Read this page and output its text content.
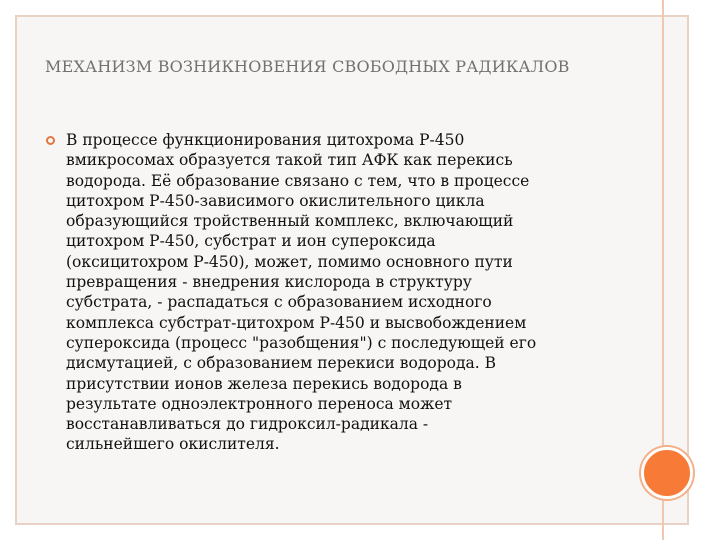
МЕХАНИЗМ ВОЗНИКНОВЕНИЯ СВОБОДНЫХ РАДИКАЛОВ
В процессе функционирования цитохрома Р-450
вмикросомах образуется такой тип АФК как перекись
водорода. Её образование связано с тем, что в процессе
цитохром Р-450-зависимого окислительного цикла
образующийся тройственный комплекс, включающий
цитохром Р-450, субстрат и ион супероксида
(оксицитохром Р-450), может, помимо основного пути
превращения - внедрения кислорода в структуру
субстрата, - распадаться с образованием исходного
комплекса субстрат-цитохром Р-450 и высвобождением
супероксида (процесс "разобщения") с последующей его
дисмутацией, с образованием перекиси водорода. В
присутствии ионов железа перекись водорода в
результате одноэлектронного переноса может
восстанавливаться до гидроксил-радикала -
сильнейшего окислителя.
